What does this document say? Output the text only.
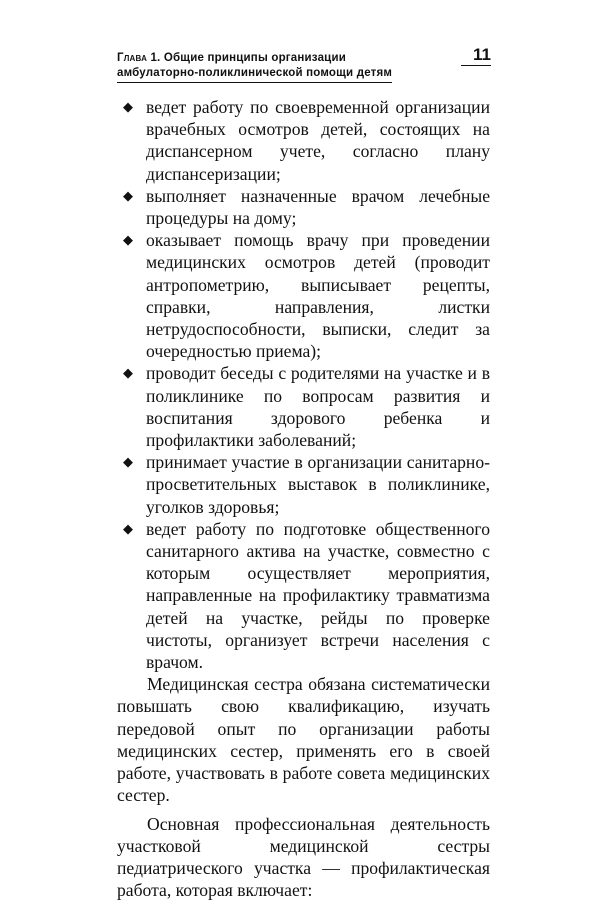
Глава 1. Общие принципы организации
амбулаторно-поликлинической помощи детям
11
◆ ведет работу по своевременной организации врачебных осмотров детей, состоящих на диспансерном учете, согласно плану диспансеризации;
◆ выполняет назначенные врачом лечебные процедуры на дому;
◆ оказывает помощь врачу при проведении медицинских осмотров детей (проводит антропометрию, выписывает рецепты, справки, направления, листки нетрудоспособности, выписки, следит за очередностью приема);
◆ проводит беседы с родителями на участке и в поликлинике по вопросам развития и воспитания здорового ребенка и профилактики заболеваний;
◆ принимает участие в организации санитарно-просветительных выставок в поликлинике, уголков здоровья;
◆ ведет работу по подготовке общественного санитарного актива на участке, совместно с которым осуществляет мероприятия, направленные на профилактику травматизма детей на участке, рейды по проверке чистоты, организует встречи населения с врачом.

Медицинская сестра обязана систематически повышать свою квалификацию, изучать передовой опыт по организации работы медицинских сестер, применять его в своей работе, участвовать в работе совета медицинских сестер.

Основная профессиональная деятельность участковой медицинской сестры педиатрического участка — профилактическая работа, которая включает:
